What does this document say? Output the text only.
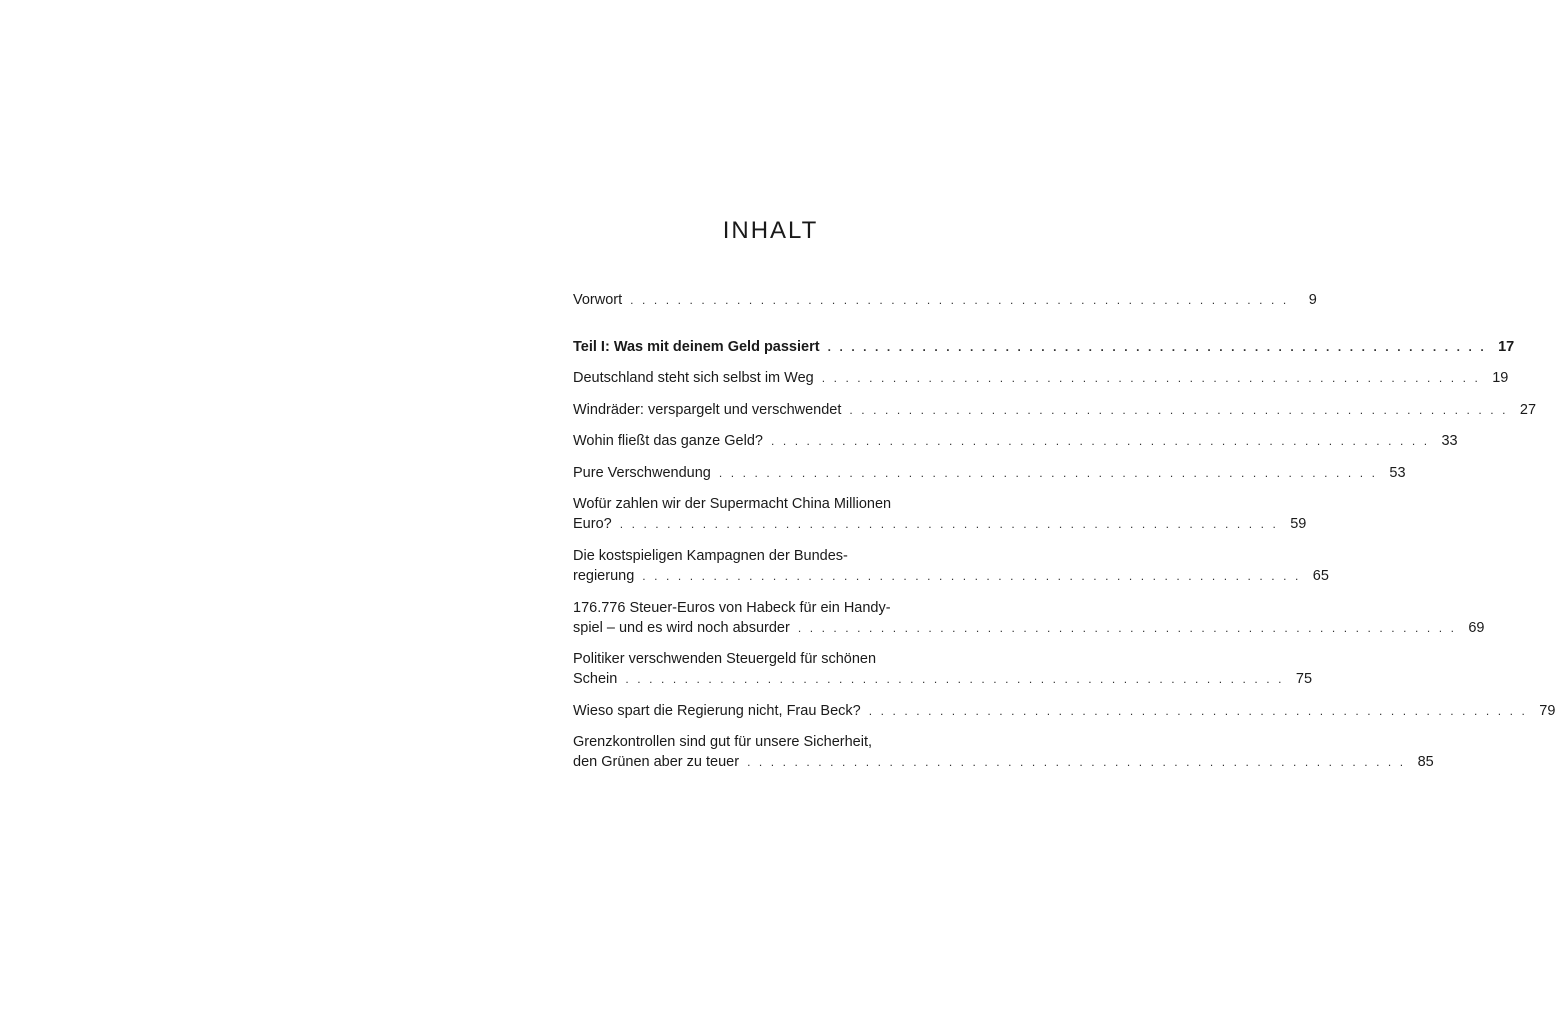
INHALT
Vorwort . . . . . . . . . . . . . . . . . . . . . . . . . . . . . . . . . . . . . . . . . . . . . . . . . . . . . . . .	9
Teil I: Was mit deinem Geld passiert . . . . . . . . . . . . . . . . . . . . . . . . . . . . . . . . . . . . . . . . . . . . . . . . . . . . . . . . 17
Deutschland steht sich selbst im Weg . . . . . . . . . . . . . . . . . . . . . . . . . . . . . . . . . . . . . . . . . . . . . . . . . . . . . . . . 19
Windräder: verspargelt und verschwendet . . . . . . . . . . . . . . . . . . . . . . . . . . . . . . . . . . . . . . . . . . . . . . . . . . . . . . . . 27
Wohin fließt das ganze Geld? . . . . . . . . . . . . . . . . . . . . . . . . . . . . . . . . . . . . . . . . . . . . . . . . . . . . . . . . 33
Pure Verschwendung . . . . . . . . . . . . . . . . . . . . . . . . . . . . . . . . . . . . . . . . . . . . . . . . . . . . . . . . 53
Wofür zahlen wir der Supermacht China Millionen
Euro? . . . . . . . . . . . . . . . . . . . . . . . . . . . . . . . . . . . . . . . . . . . . . . . . . . . . . . . . 59
Die kostspieligen Kampagnen der Bundes-
regierung . . . . . . . . . . . . . . . . . . . . . . . . . . . . . . . . . . . . . . . . . . . . . . . . . . . . . . . . 65
176.776 Steuer-Euros von Habeck für ein Handy-
spiel – und es wird noch absurder . . . . . . . . . . . . . . . . . . . . . . . . . . . . . . . . . . . . . . . . . . . . . . . . . . . . . . . . 69
Politiker verschwenden Steuergeld für schönen
Schein . . . . . . . . . . . . . . . . . . . . . . . . . . . . . . . . . . . . . . . . . . . . . . . . . . . . . . . . 75
Wieso spart die Regierung nicht, Frau Beck? . . . . . . . . . . . . . . . . . . . . . . . . . . . . . . . . . . . . . . . . . . . . . . . . . . . . . . . . 79
Grenzkontrollen sind gut für unsere Sicherheit,
den Grünen aber zu teuer . . . . . . . . . . . . . . . . . . . . . . . . . . . . . . . . . . . . . . . . . . . . . . . . . . . . . . . . 85
